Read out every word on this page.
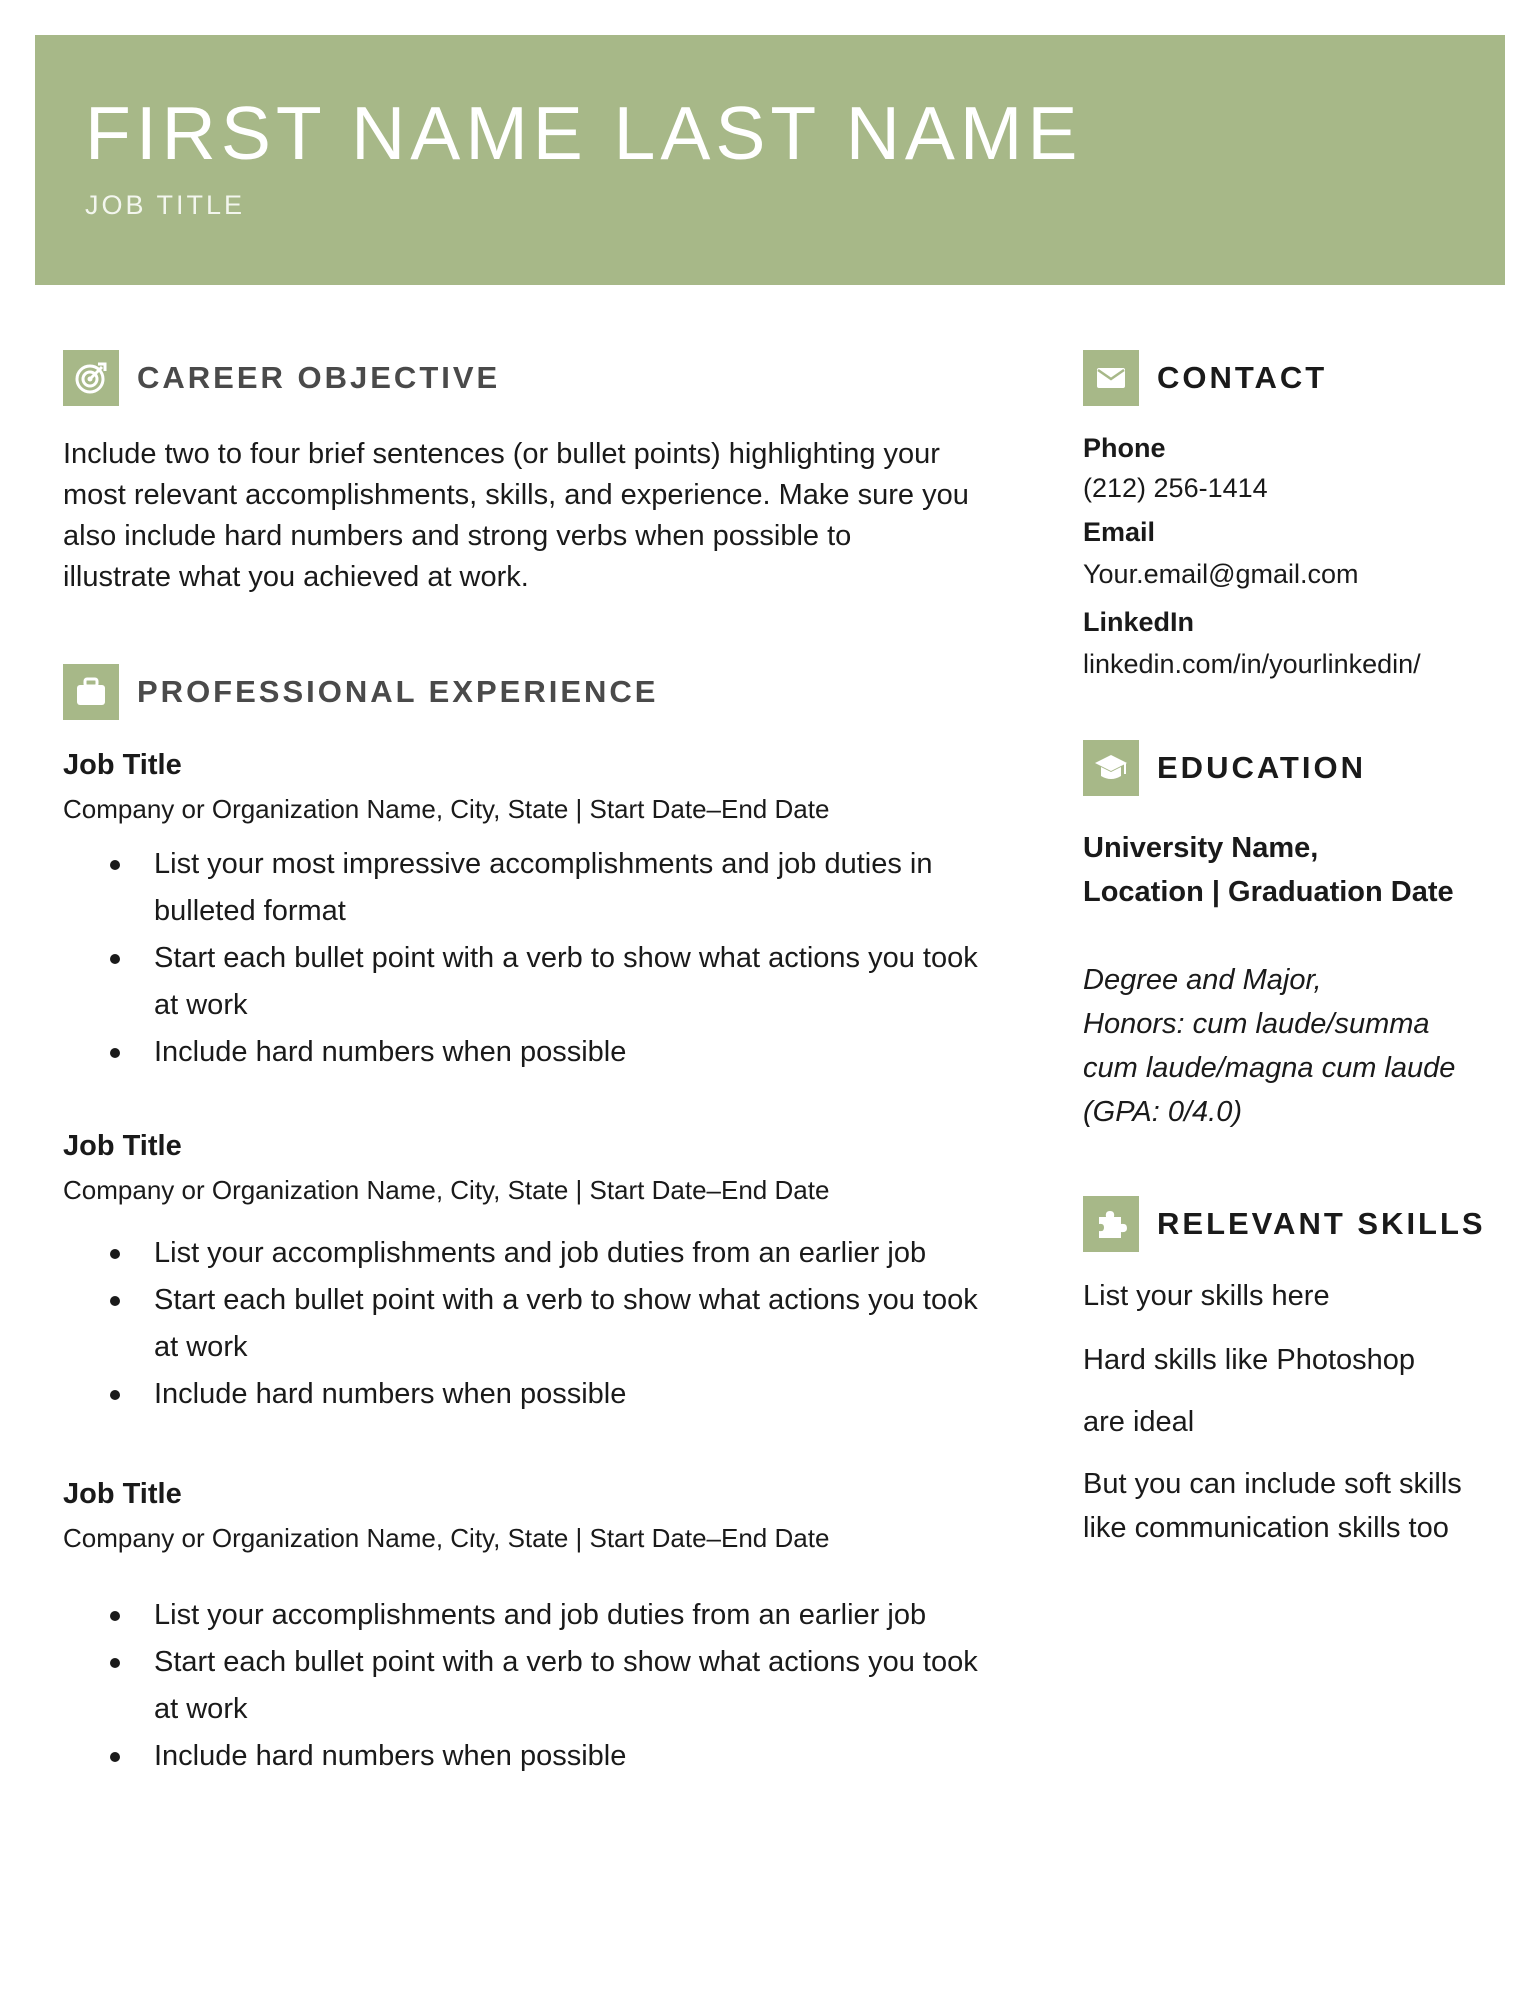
FIRST NAME LAST NAME
JOB TITLE
CAREER OBJECTIVE
Include two to four brief sentences (or bullet points) highlighting your
most relevant accomplishments, skills, and experience. Make sure you
also include hard numbers and strong verbs when possible to
illustrate what you achieved at work.
PROFESSIONAL EXPERIENCE
Job Title
Company or Organization Name, City, State | Start Date–End Date
List your most impressive accomplishments and job duties in bulleted format
Start each bullet point with a verb to show what actions you took at work
Include hard numbers when possible
Job Title
Company or Organization Name, City, State | Start Date–End Date
List your accomplishments and job duties from an earlier job
Start each bullet point with a verb to show what actions you took at work
Include hard numbers when possible
Job Title
Company or Organization Name, City, State | Start Date–End Date
List your accomplishments and job duties from an earlier job
Start each bullet point with a verb to show what actions you took at work
Include hard numbers when possible
CONTACT
Phone
(212) 256-1414
Email
Your.email@gmail.com
LinkedIn
linkedin.com/in/yourlinkedin/
EDUCATION
University Name,
Location | Graduation Date
Degree and Major,
Honors: cum laude/summa
cum laude/magna cum laude
(GPA: 0/4.0)
RELEVANT SKILLS
List your skills here
Hard skills like Photoshop
are ideal
But you can include soft skills
like communication skills too
